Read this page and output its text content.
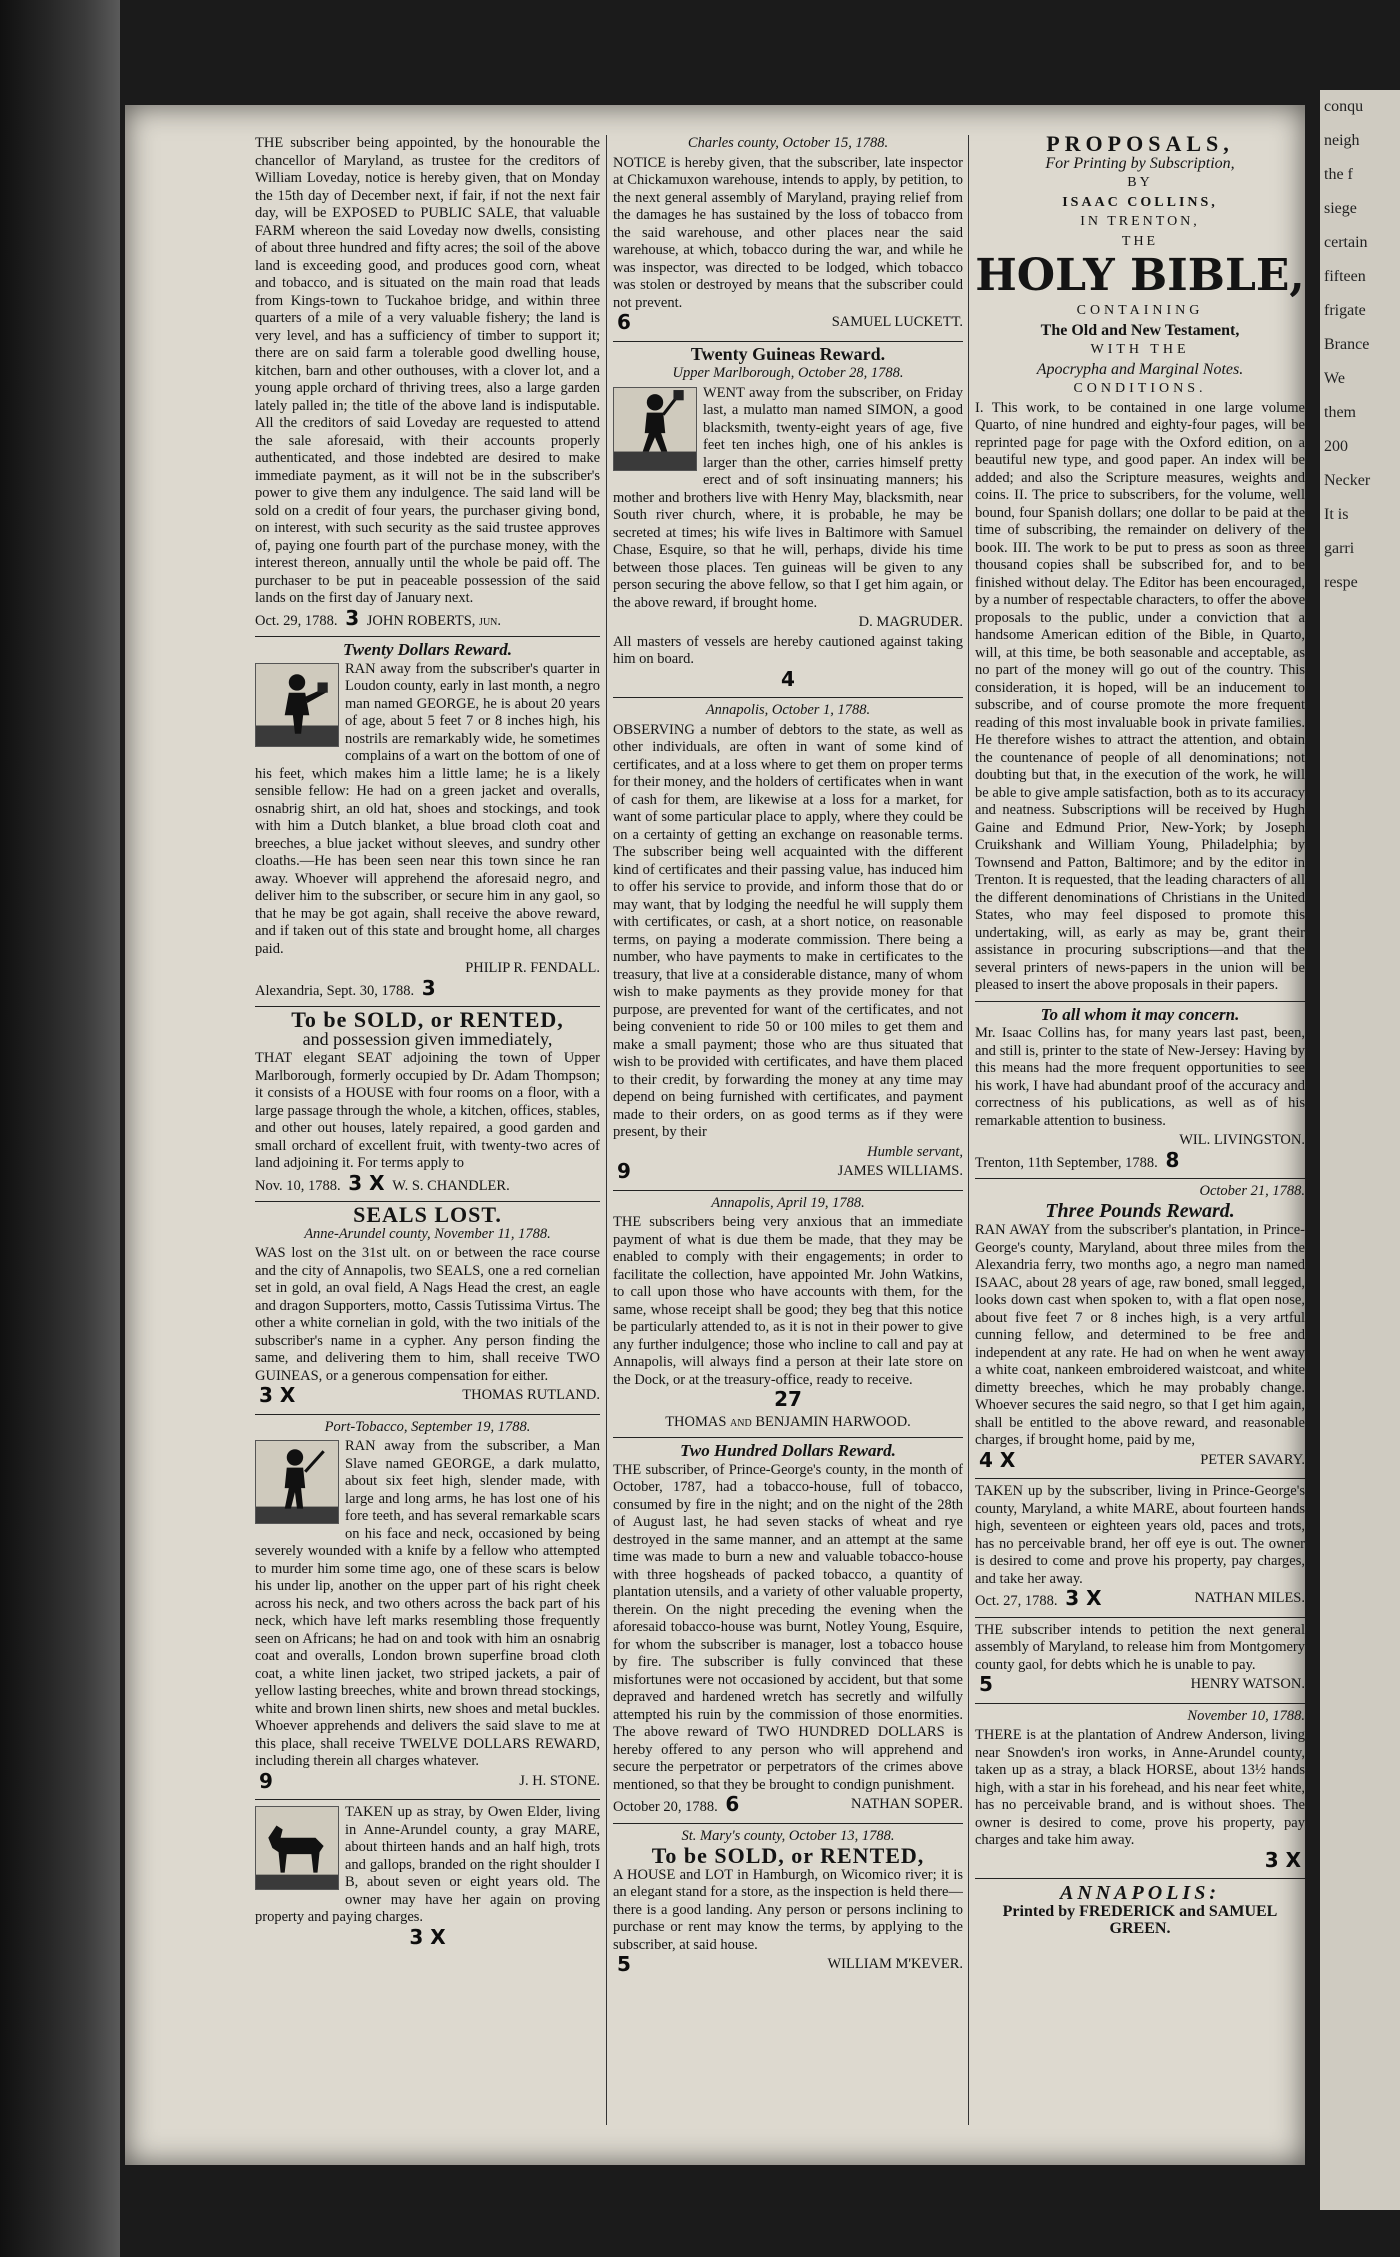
conqu

neigh

the f

siege

certain

fifteen

frigate

Brance

We

them

200

Necker

It is

garri

respe

THE subscriber being appointed, by the honourable the chancellor of Maryland, as trustee for the creditors of William Loveday, notice is hereby given, that on Monday the 15th day of December next, if fair, if not the next fair day, will be EXPOSED to PUBLIC SALE, that valuable FARM whereon the said Loveday now dwells, consisting of about three hundred and fifty acres; the soil of the above land is exceeding good, and produces good corn, wheat and tobacco, and is situated on the main road that leads from Kings-town to Tuckahoe bridge, and within three quarters of a mile of a very valuable fishery; the land is very level, and has a sufficiency of timber to support it; there are on said farm a tolerable good dwelling house, kitchen, barn and other outhouses, with a clover lot, and a young apple orchard of thriving trees, also a large garden lately palled in; the title of the above land is indisputable. All the creditors of said Loveday are requested to attend the sale aforesaid, with their accounts properly authenticated, and those indebted are desired to make immediate payment, as it will not be in the subscriber's power to give them any indulgence. The said land will be sold on a credit of four years, the purchaser giving bond, on interest, with such security as the said trustee approves of, paying one fourth part of the purchase money, with the interest thereon, annually until the whole be paid off. The purchaser to be put in peaceable possession of the said lands on the first day of January next.

Oct. 29, 1788. 3 JOHN ROBERTS, jun.

Twenty Dollars Reward.

RAN away from the subscriber's quarter in Loudon county, early in last month, a negro man named GEORGE, he is about 20 years of age, about 5 feet 7 or 8 inches high, his nostrils are remarkably wide, he sometimes complains of a wart on the bottom of one of his feet, which makes him a little lame; he is a likely sensible fellow: He had on a green jacket and overalls, osnabrig shirt, an old hat, shoes and stockings, and took with him a Dutch blanket, a blue broad cloth coat and breeches, a blue jacket without sleeves, and sundry other cloaths.—He has been seen near this town since he ran away. Whoever will apprehend the aforesaid negro, and deliver him to the subscriber, or secure him in any gaol, so that he may be got again, shall receive the above reward, and if taken out of this state and brought home, all charges paid.

PHILIP R. FENDALL.

Alexandria, Sept. 30, 1788. 3

To be SOLD, or RENTED,

and possession given immediately,

THAT elegant SEAT adjoining the town of Upper Marlborough, formerly occupied by Dr. Adam Thompson; it consists of a HOUSE with four rooms on a floor, with a large passage through the whole, a kitchen, offices, stables, and other out houses, lately repaired, a good garden and small orchard of excellent fruit, with twenty-two acres of land adjoining it. For terms apply to

Nov. 10, 1788. 3 X W. S. CHANDLER.

SEALS LOST.

Anne-Arundel county, November 11, 1788.

WAS lost on the 31st ult. on or between the race course and the city of Annapolis, two SEALS, one a red cornelian set in gold, an oval field, A Nags Head the crest, an eagle and dragon Supporters, motto, Cassis Tutissima Virtus. The other a white cornelian in gold, with the two initials of the subscriber's name in a cypher. Any person finding the same, and delivering them to him, shall receive TWO GUINEAS, or a generous compensation for either.

3 X	THOMAS RUTLAND.

Port-Tobacco, September 19, 1788.

RAN away from the subscriber, a Man Slave named GEORGE, a dark mulatto, about six feet high, slender made, with large and long arms, he has lost one of his fore teeth, and has several remarkable scars on his face and neck, occasioned by being severely wounded with a knife by a fellow who attempted to murder him some time ago, one of these scars is below his under lip, another on the upper part of his right cheek across his neck, and two others across the back part of his neck, which have left marks resembling those frequently seen on Africans; he had on and took with him an osnabrig coat and overalls, London brown superfine broad cloth coat, a white linen jacket, two striped jackets, a pair of yellow lasting breeches, white and brown thread stockings, white and brown linen shirts, new shoes and metal buckles. Whoever apprehends and delivers the said slave to me at this place, shall receive TWELVE DOLLARS REWARD, including therein all charges whatever.

9	J. H. STONE.

TAKEN up as stray, by Owen Elder, living in Anne-Arundel county, a gray MARE, about thirteen hands and an half high, trots and gallops, branded on the right shoulder I B, about seven or eight years old. The owner may have her again on proving property and paying charges.

3 X

Charles county, October 15, 1788.

NOTICE is hereby given, that the subscriber, late inspector at Chickamuxon warehouse, intends to apply, by petition, to the next general assembly of Maryland, praying relief from the damages he has sustained by the loss of tobacco from the said warehouse, and other places near the said warehouse, at which, tobacco during the war, and while he was inspector, was directed to be lodged, which tobacco was stolen or destroyed by means that the subscriber could not prevent.

6	SAMUEL LUCKETT.

Twenty Guineas Reward.

Upper Marlborough, October 28, 1788.

WENT away from the subscriber, on Friday last, a mulatto man named SIMON, a good blacksmith, twenty-eight years of age, five feet ten inches high, one of his ankles is larger than the other, carries himself pretty erect and of soft insinuating manners; his mother and brothers live with Henry May, blacksmith, near South river church, where, it is probable, he may be secreted at times; his wife lives in Baltimore with Samuel Chase, Esquire, so that he will, perhaps, divide his time between those places. Ten guineas will be given to any person securing the above fellow, so that I get him again, or the above reward, if brought home.

D. MAGRUDER.

All masters of vessels are hereby cautioned against taking him on board.

4

Annapolis, October 1, 1788.

OBSERVING a number of debtors to the state, as well as other individuals, are often in want of some kind of certificates, and at a loss where to get them on proper terms for their money, and the holders of certificates when in want of cash for them, are likewise at a loss for a market, for want of some particular place to apply, where they could be on a certainty of getting an exchange on reasonable terms. The subscriber being well acquainted with the different kind of certificates and their passing value, has induced him to offer his service to provide, and inform those that do or may want, that by lodging the needful he will supply them with certificates, or cash, at a short notice, on reasonable terms, on paying a moderate commission. There being a number, who have payments to make in certificates to the treasury, that live at a considerable distance, many of whom wish to make payments as they provide money for that purpose, are prevented for want of the certificates, and not being convenient to ride 50 or 100 miles to get them and make a small payment; those who are thus situated that wish to be provided with certificates, and have them placed to their credit, by forwarding the money at any time may depend on being furnished with certificates, and payment made to their orders, on as good terms as if they were present, by their

Humble servant,

9	JAMES WILLIAMS.

Annapolis, April 19, 1788.

THE subscribers being very anxious that an immediate payment of what is due them be made, that they may be enabled to comply with their engagements; in order to facilitate the collection, have appointed Mr. John Watkins, to call upon those who have accounts with them, for the same, whose receipt shall be good; they beg that this notice be particularly attended to, as it is not in their power to give any further indulgence; those who incline to call and pay at Annapolis, will always find a person at their late store on the Dock, or at the treasury-office, ready to receive.

27

THOMAS and BENJAMIN HARWOOD.

Two Hundred Dollars Reward.

THE subscriber, of Prince-George's county, in the month of October, 1787, had a tobacco-house, full of tobacco, consumed by fire in the night; and on the night of the 28th of August last, he had seven stacks of wheat and rye destroyed in the same manner, and an attempt at the same time was made to burn a new and valuable tobacco-house with three hogsheads of packed tobacco, a quantity of plantation utensils, and a variety of other valuable property, therein. On the night preceding the evening when the aforesaid tobacco-house was burnt, Notley Young, Esquire, for whom the subscriber is manager, lost a tobacco house by fire. The subscriber is fully convinced that these misfortunes were not occasioned by accident, but that some depraved and hardened wretch has secretly and wilfully attempted his ruin by the commission of those enormities. The above reward of TWO HUNDRED DOLLARS is hereby offered to any person who will apprehend and secure the perpetrator or perpetrators of the crimes above mentioned, so that they be brought to condign punishment.

October 20, 1788. 6	NATHAN SOPER.

St. Mary's county, October 13, 1788.

To be SOLD, or RENTED,

A HOUSE and LOT in Hamburgh, on Wicomico river; it is an elegant stand for a store, as the inspection is held there—there is a good landing. Any person or persons inclining to purchase or rent may know the terms, by applying to the subscriber, at said house.

5	WILLIAM M'KEVER.

PROPOSALS,

For Printing by Subscription,

BY

ISAAC COLLINS,

IN TRENTON,

THE

HOLY BIBLE,

CONTAINING

The Old and New Testament,

WITH THE

Apocrypha and Marginal Notes.

CONDITIONS.

I. This work, to be contained in one large volume Quarto, of nine hundred and eighty-four pages, will be reprinted page for page with the Oxford edition, on a beautiful new type, and good paper. An index will be added; and also the Scripture measures, weights and coins. II. The price to subscribers, for the volume, well bound, four Spanish dollars; one dollar to be paid at the time of subscribing, the remainder on delivery of the book. III. The work to be put to press as soon as three thousand copies shall be subscribed for, and to be finished without delay. The Editor has been encouraged, by a number of respectable characters, to offer the above proposals to the public, under a conviction that a handsome American edition of the Bible, in Quarto, will, at this time, be both seasonable and acceptable, as no part of the money will go out of the country. This consideration, it is hoped, will be an inducement to subscribe, and of course promote the more frequent reading of this most invaluable book in private families. He therefore wishes to attract the attention, and obtain the countenance of people of all denominations; not doubting but that, in the execution of the work, he will be able to give ample satisfaction, both as to its accuracy and neatness. Subscriptions will be received by Hugh Gaine and Edmund Prior, New-York; by Joseph Cruikshank and William Young, Philadelphia; by Townsend and Patton, Baltimore; and by the editor in Trenton. It is requested, that the leading characters of all the different denominations of Christians in the United States, who may feel disposed to promote this undertaking, will, as early as may be, grant their assistance in procuring subscriptions—and that the several printers of news-papers in the union will be pleased to insert the above proposals in their papers.

To all whom it may concern.

Mr. Isaac Collins has, for many years last past, been, and still is, printer to the state of New-Jersey: Having by this means had the more frequent opportunities to see his work, I have had abundant proof of the accuracy and correctness of his publications, as well as of his remarkable attention to business.

WIL. LIVINGSTON.

Trenton, 11th September, 1788. 8

October 21, 1788.

Three Pounds Reward.

RAN AWAY from the subscriber's plantation, in Prince-George's county, Maryland, about three miles from the Alexandria ferry, two months ago, a negro man named ISAAC, about 28 years of age, raw boned, small legged, looks down cast when spoken to, with a flat open nose, about five feet 7 or 8 inches high, is a very artful cunning fellow, and determined to be free and independent at any rate. He had on when he went away a white coat, nankeen embroidered waistcoat, and white dimetty breeches, which he may probably change. Whoever secures the said negro, so that I get him again, shall be entitled to the above reward, and reasonable charges, if brought home, paid by me,

4 X	PETER SAVARY.

TAKEN up by the subscriber, living in Prince-George's county, Maryland, a white MARE, about fourteen hands high, seventeen or eighteen years old, paces and trots, has no perceivable brand, her off eye is out. The owner is desired to come and prove his property, pay charges, and take her away.

Oct. 27, 1788. 3 X	NATHAN MILES.

THE subscriber intends to petition the next general assembly of Maryland, to release him from Montgomery county gaol, for debts which he is unable to pay.

5	HENRY WATSON.

November 10, 1788.

THERE is at the plantation of Andrew Anderson, living near Snowden's iron works, in Anne-Arundel county, taken up as a stray, a black HORSE, about 13½ hands high, with a star in his forehead, and his near feet white, has no perceivable brand, and is without shoes. The owner is desired to come, prove his property, pay charges and take him away.

3 X

ANNAPOLIS:
Printed by FREDERICK and SAMUEL GREEN.
